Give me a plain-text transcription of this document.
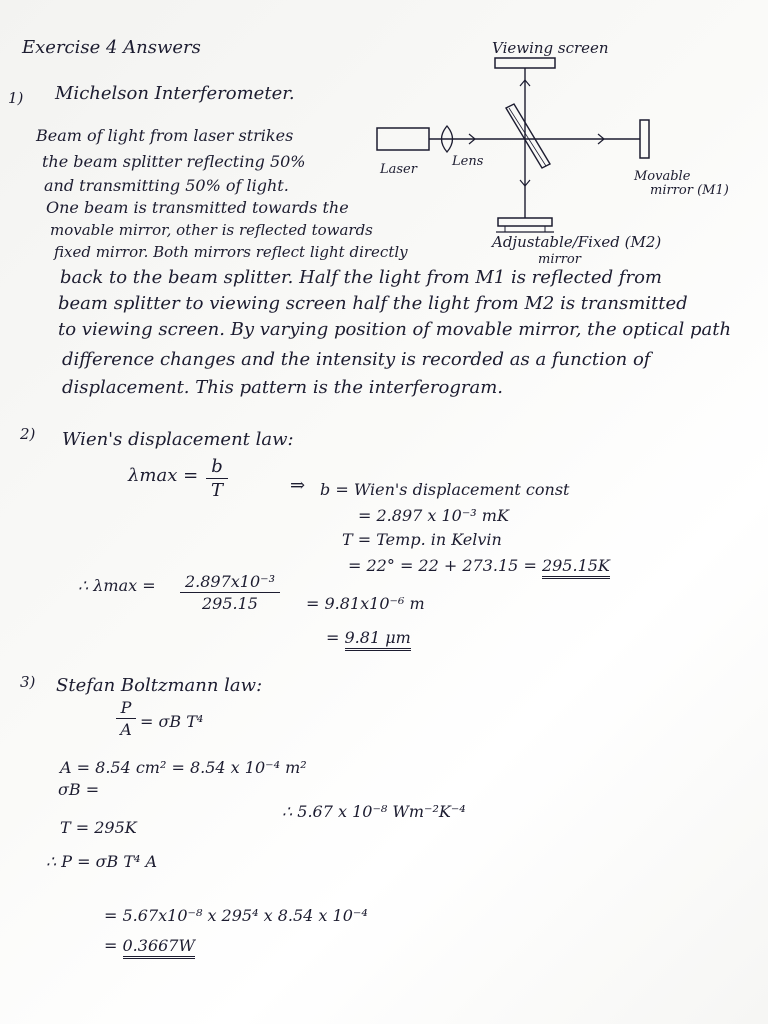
Exercise 4 Answers	Viewing screen
Laser
Lens
Movable
mirror (M1)
Adjustable/Fixed (M2)
mirror
1) Michelson Interferometer.
Beam of light from laser strikes
the beam splitter reflecting 50%
and transmitting 50% of light.
One beam is transmitted towards the
movable mirror, other is reflected towards
fixed mirror. Both mirrors reflect light directly
back to the beam splitter. Half the light from M1 is reflected from
beam splitter to viewing screen half the light from M2 is transmitted
to viewing screen. By varying position of movable mirror, the optical path
difference changes and the intensity is recorded as a function of
displacement. This pattern is the interferogram.
2) Wien's displacement law:
λmax = b
T	⇒ b = Wien's displacement const
= 2.897 x 10⁻³ mK
T = Temp. in Kelvin
= 22° = 22 + 273.15 = 295.15K
∴ λmax =	2.897x10⁻³
295.15	= 9.81x10⁻⁶ m
= 9.81 μm
3) Stefan Boltzmann law:
P
A = σB T⁴
A = 8.54 cm² = 8.54 x 10⁻⁴ m²
σB =
∴ 5.67 x 10⁻⁸ Wm⁻²K⁻⁴
T = 295K
∴ P = σB T⁴ A
= 5.67x10⁻⁸ x 295⁴ x 8.54 x 10⁻⁴
= 0.3667W
